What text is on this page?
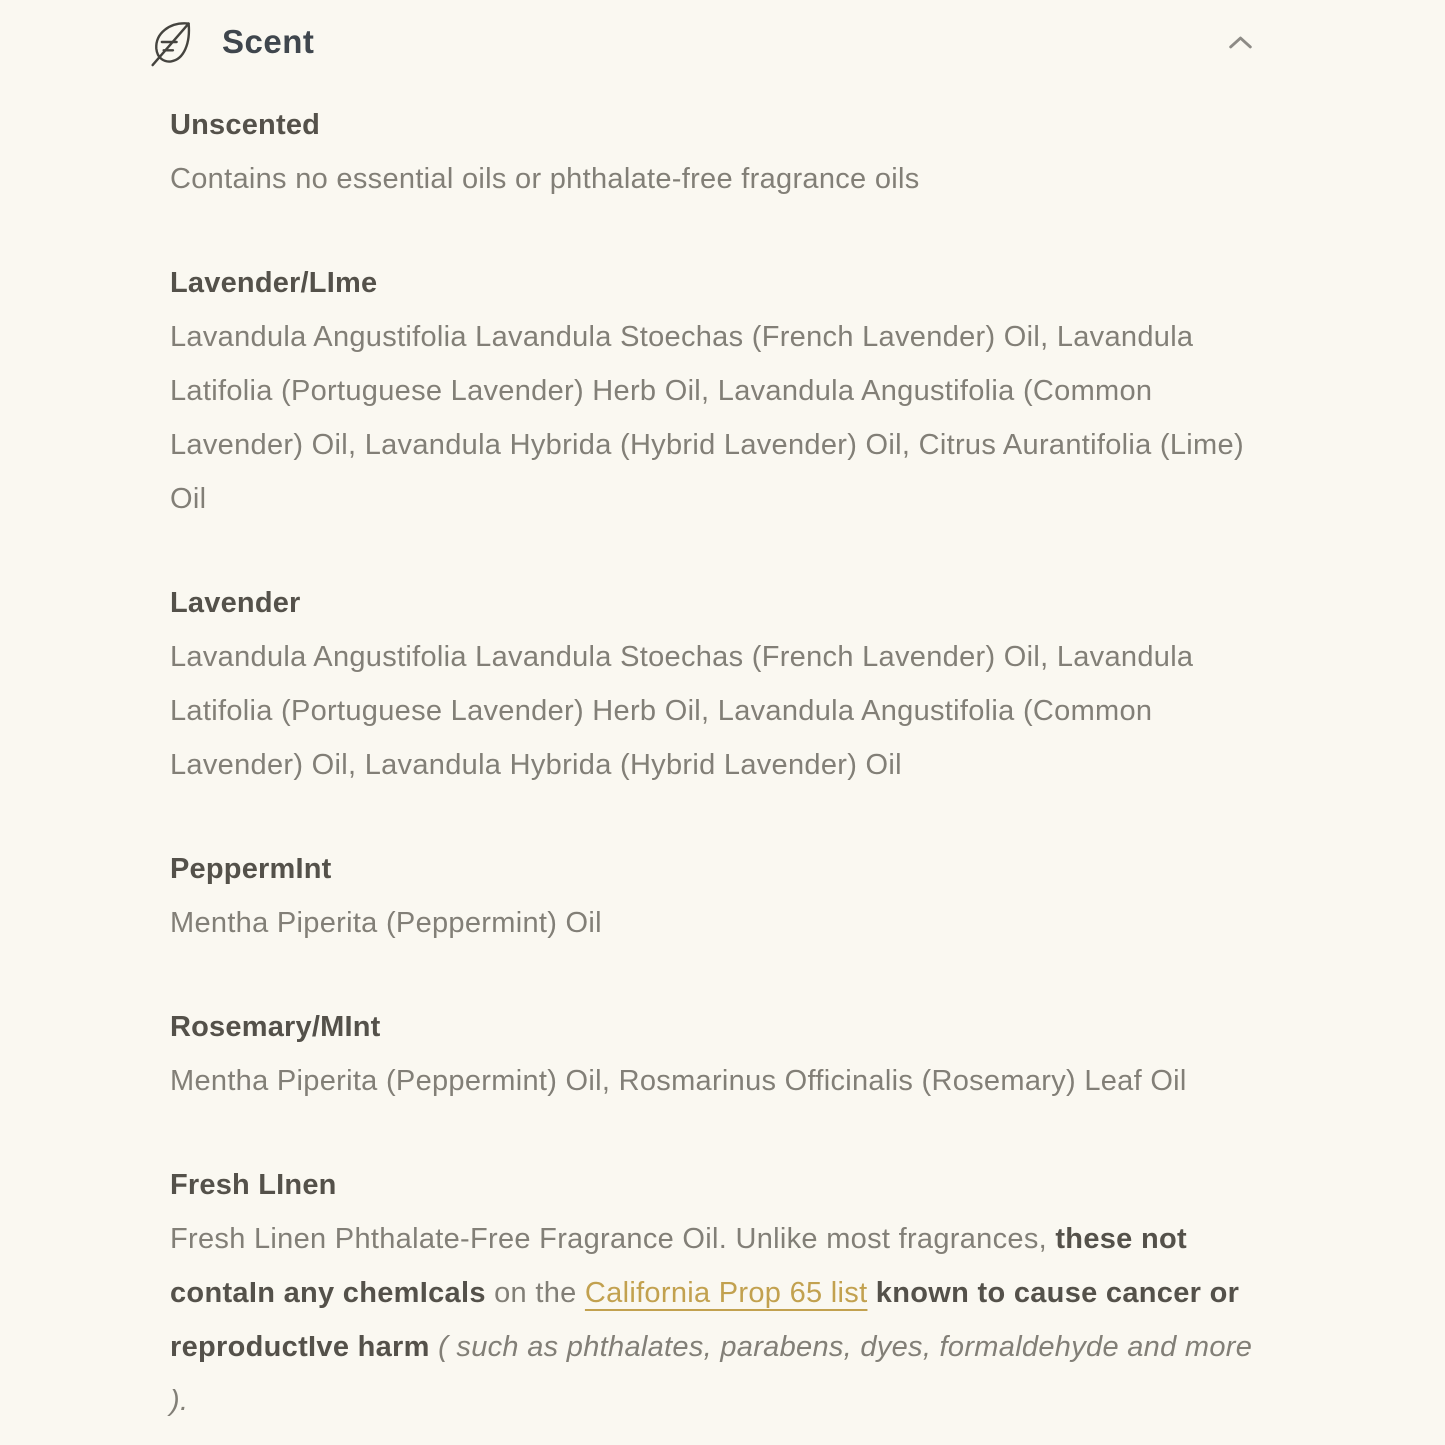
Scent
Unscented

Contains no essential oils or phthalate-free fragrance oils

Lavender/LIme

Lavandula Angustifolia Lavandula Stoechas (French Lavender) Oil, Lavandula Latifolia (Portuguese Lavender) Herb Oil, Lavandula Angustifolia (Common Lavender) Oil, Lavandula Hybrida (Hybrid Lavender) Oil, Citrus Aurantifolia (Lime) Oil

Lavender

Lavandula Angustifolia Lavandula Stoechas (French Lavender) Oil, Lavandula Latifolia (Portuguese Lavender) Herb Oil, Lavandula Angustifolia (Common Lavender) Oil, Lavandula Hybrida (Hybrid Lavender) Oil

PeppermInt

Mentha Piperita (Peppermint) Oil

Rosemary/MInt

Mentha Piperita (Peppermint) Oil, Rosmarinus Officinalis (Rosemary) Leaf Oil

Fresh LInen

Fresh Linen Phthalate-Free Fragrance Oil. Unlike most fragrances, these not contaIn any chemIcals on the California Prop 65 list known to cause cancer or reproductIve harm ( such as phthalates, parabens, dyes, formaldehyde and more ).
